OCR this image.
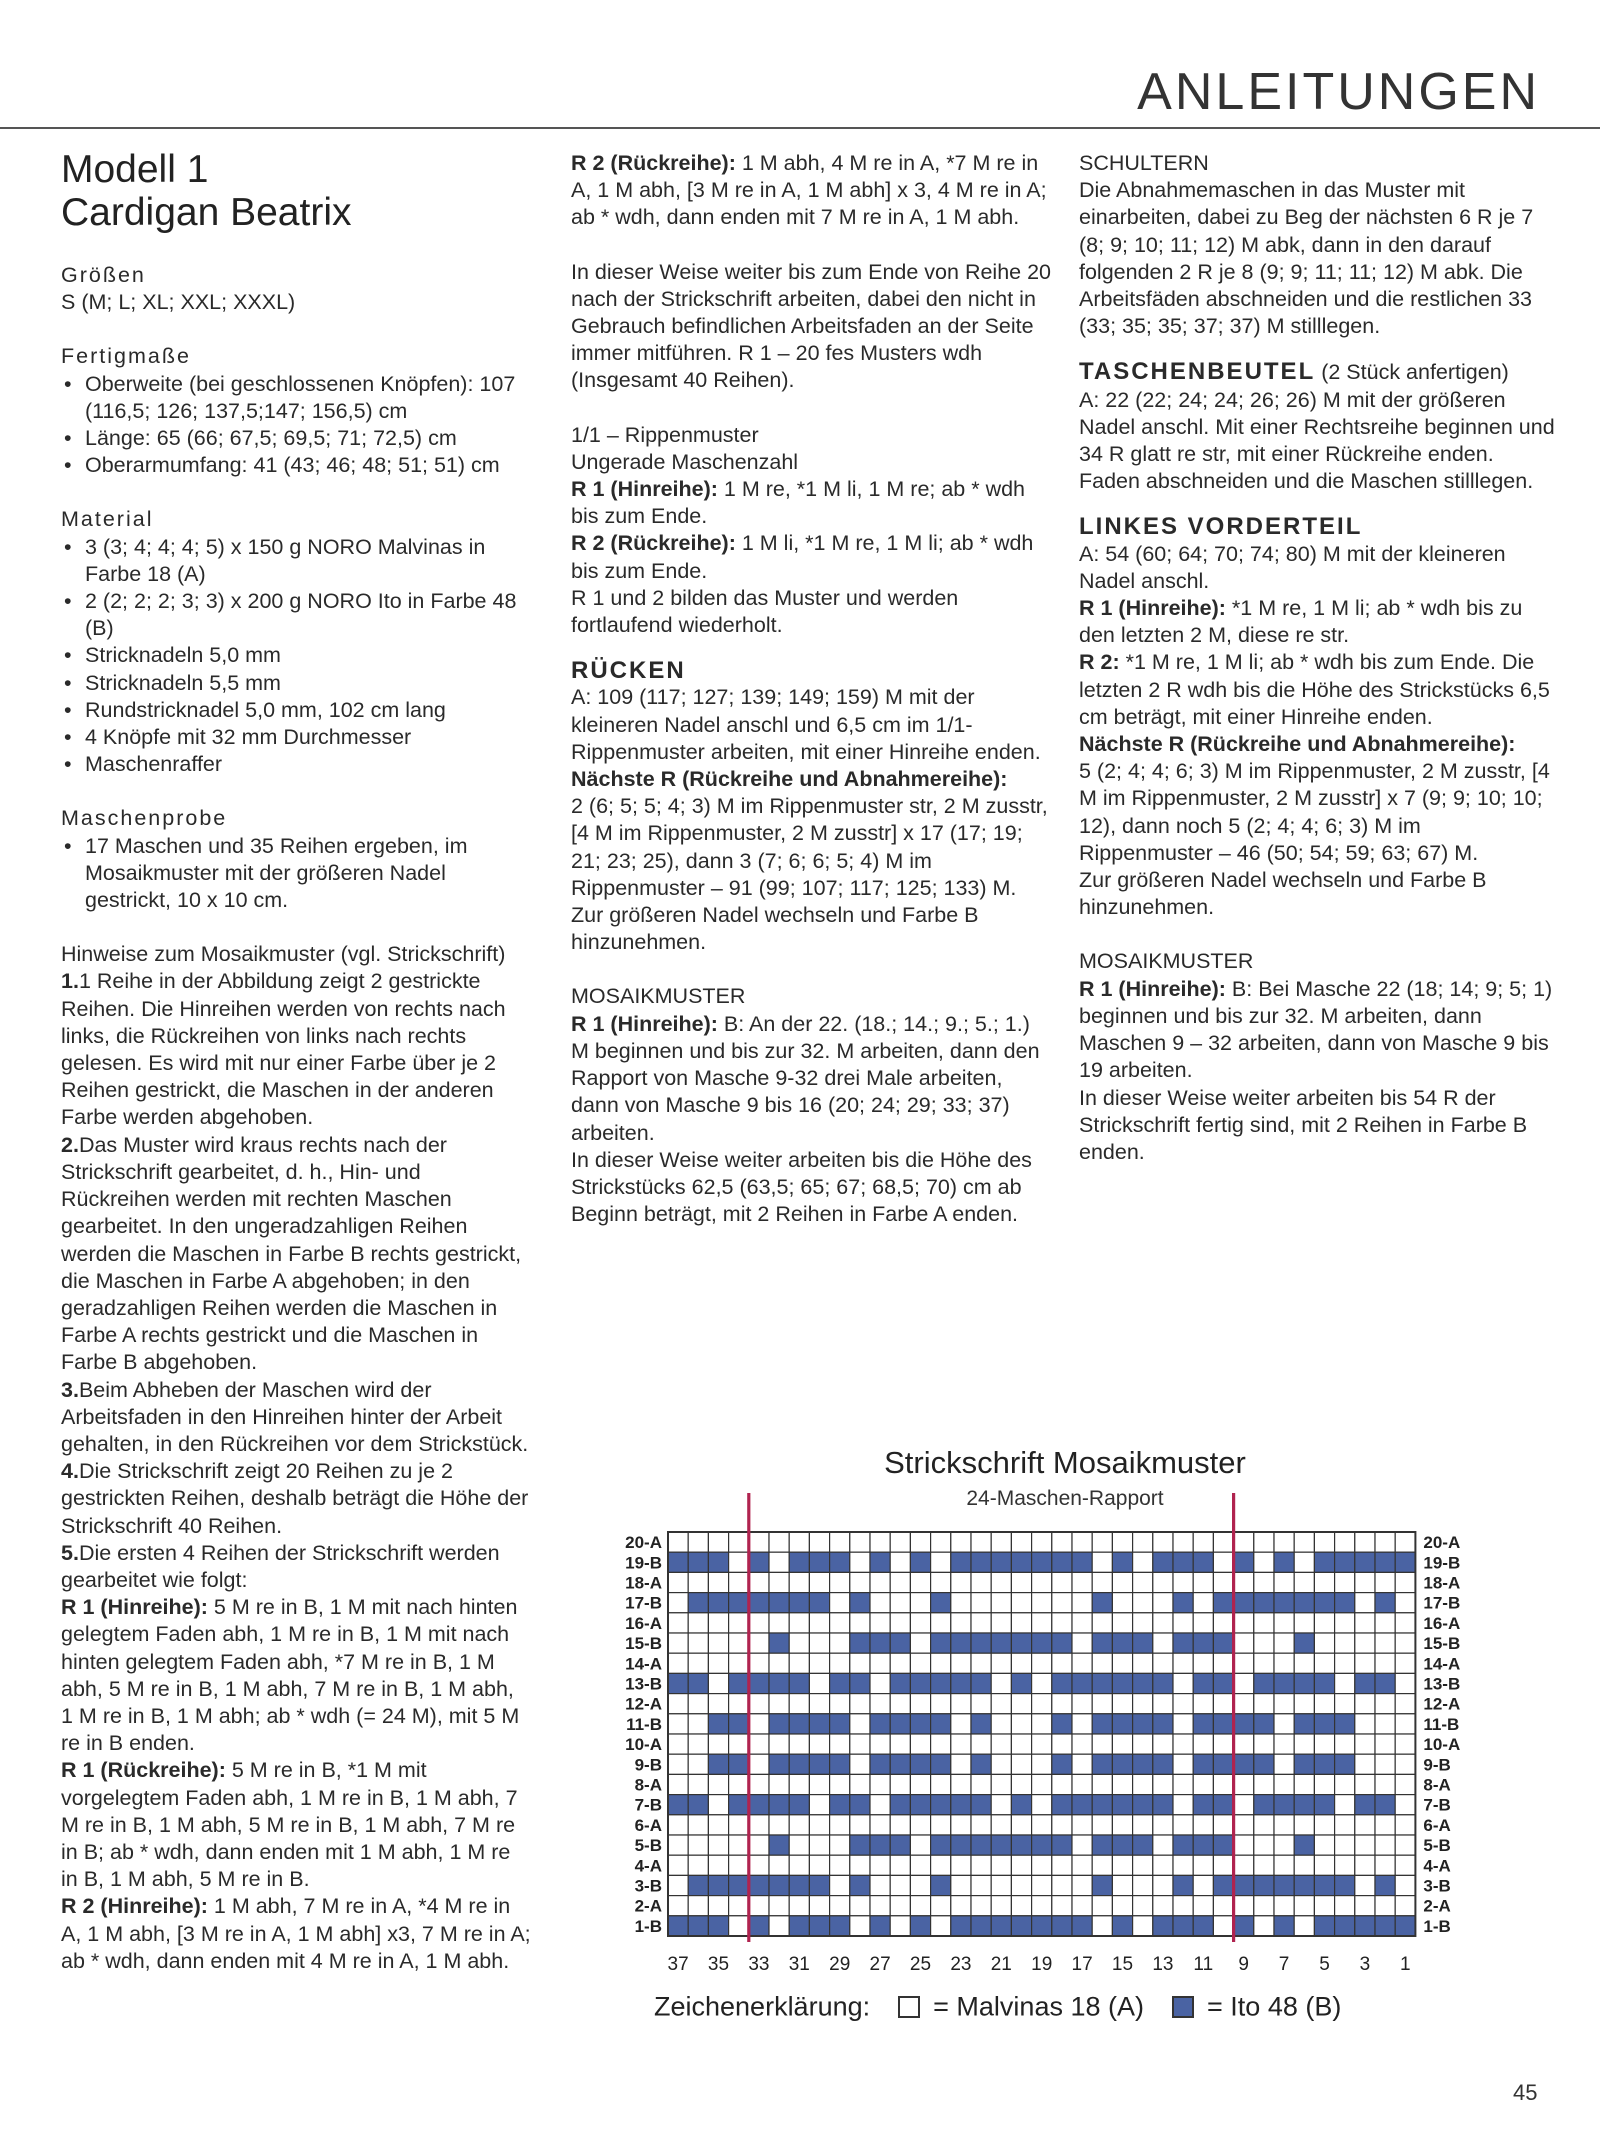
ANLEITUNGEN
Modell 1
Cardigan Beatrix
Größen
S (M; L; XL; XXL; XXXL)
Fertigmaße
• Oberweite (bei geschlossenen Knöpfen): 107 (116,5; 126; 137,5;147; 156,5) cm
• Länge: 65 (66; 67,5; 69,5; 71; 72,5) cm
• Oberarmumfang: 41 (43; 46; 48; 51; 51) cm
Material
• 3 (3; 4; 4; 4; 5) x 150 g NORO Malvinas in Farbe 18 (A)
• 2 (2; 2; 2; 3; 3) x 200 g NORO Ito in Farbe 48 (B)
• Stricknadeln 5,0 mm
• Stricknadeln 5,5 mm
• Rundstricknadel 5,0 mm, 102 cm lang
• 4 Knöpfe mit 32 mm Durchmesser
• Maschenraffer
Maschenprobe
• 17 Maschen und 35 Reihen ergeben, im Mosaikmuster mit der größeren Nadel gestrickt, 10 x 10 cm.
Hinweise zum Mosaikmuster (vgl. Strickschrift)

1.1 Reihe in der Abbildung zeigt 2 gestrickte Reihen. Die Hinreihen werden von rechts nach links, die Rückreihen von links nach rechts gelesen. Es wird mit nur einer Farbe über je 2 Reihen gestrickt, die Maschen in der anderen Farbe werden abgehoben.

2.Das Muster wird kraus rechts nach der Strickschrift gearbeitet, d. h., Hin- und Rückreihen werden mit rechten Maschen gearbeitet. In den ungeradzahligen Reihen werden die Maschen in Farbe B rechts gestrickt, die Maschen in Farbe A abgehoben; in den geradzahligen Reihen werden die Maschen in Farbe A rechts gestrickt und die Maschen in Farbe B abgehoben.

3.Beim Abheben der Maschen wird der Arbeitsfaden in den Hinreihen hinter der Arbeit gehalten, in den Rückreihen vor dem Strickstück.

4.Die Strickschrift zeigt 20 Reihen zu je 2 gestrickten Reihen, deshalb beträgt die Höhe der Strickschrift 40 Reihen.

5.Die ersten 4 Reihen der Strickschrift werden gearbeitet wie folgt:

R 1 (Hinreihe): 5 M re in B, 1 M mit nach hinten gelegtem Faden abh, 1 M re in B, 1 M mit nach hinten gelegtem Faden abh, *7 M re in B, 1 M abh, 5 M re in B, 1 M abh, 7 M re in B, 1 M abh, 1 M re in B, 1 M abh; ab * wdh (= 24 M), mit 5 M re in B enden.

R 1 (Rückreihe): 5 M re in B, *1 M mit vorgelegtem Faden abh, 1 M re in B, 1 M abh, 7 M re in B, 1 M abh, 5 M re in B, 1 M abh, 7 M re in B; ab * wdh, dann enden mit 1 M abh, 1 M re in B, 1 M abh, 5 M re in B.

R 2 (Hinreihe): 1 M abh, 7 M re in A, *4 M re in A, 1 M abh, [3 M re in A, 1 M abh] x3, 7 M re in A; ab * wdh, dann enden mit 4 M re in A, 1 M abh.

R 2 (Rückreihe): 1 M abh, 4 M re in A, *7 M re in A, 1 M abh, [3 M re in A, 1 M abh] x 3, 4 M re in A; ab * wdh, dann enden mit 7 M re in A, 1 M abh.

In dieser Weise weiter bis zum Ende von Reihe 20 nach der Strickschrift arbeiten, dabei den nicht in Gebrauch befindlichen Arbeitsfaden an der Seite immer mitführen. R 1 – 20 fes Musters wdh (Insgesamt 40 Reihen).

1/1 – Rippenmuster

Ungerade Maschenzahl

R 1 (Hinreihe): 1 M re, *1 M li, 1 M re; ab * wdh bis zum Ende.

R 2 (Rückreihe): 1 M li, *1 M re, 1 M li; ab * wdh bis zum Ende.

R 1 und 2 bilden das Muster und werden fortlaufend wiederholt.

RÜCKEN

A: 109 (117; 127; 139; 149; 159) M mit der kleineren Nadel anschl und 6,5 cm im 1/1-Rippenmuster arbeiten, mit einer Hinreihe enden.

Nächste R (Rückreihe und Abnahmereihe):

2 (6; 5; 5; 4; 3) M im Rippenmuster str, 2 M zusstr, [4 M im Rippenmuster, 2 M zusstr] x 17 (17; 19; 21; 23; 25), dann 3 (7; 6; 6; 5; 4) M im Rippenmuster – 91 (99; 107; 117; 125; 133) M.

Zur größeren Nadel wechseln und Farbe B hinzunehmen.

MOSAIKMUSTER

R 1 (Hinreihe): B: An der 22. (18.; 14.; 9.; 5.; 1.) M beginnen und bis zur 32. M arbeiten, dann den Rapport von Masche 9-32 drei Male arbeiten, dann von Masche 9 bis 16 (20; 24; 29; 33; 37) arbeiten.

In dieser Weise weiter arbeiten bis die Höhe des Strickstücks 62,5 (63,5; 65; 67; 68,5; 70) cm ab Beginn beträgt, mit 2 Reihen in Farbe A enden.

SCHULTERN

Die Abnahmemaschen in das Muster mit einarbeiten, dabei zu Beg der nächsten 6 R je 7 (8; 9; 10; 11; 12) M abk, dann in den darauf folgenden 2 R je 8 (9; 9; 11; 11; 12) M abk. Die Arbeitsfäden abschneiden und die restlichen 33 (33; 35; 35; 37; 37) M stilllegen.

TASCHENBEUTEL (2 Stück anfertigen)

A: 22 (22; 24; 24; 26; 26) M mit der größeren Nadel anschl. Mit einer Rechtsreihe beginnen und 34 R glatt re str, mit einer Rückreihe enden. Faden abschneiden und die Maschen stilllegen.

LINKES VORDERTEIL

A: 54 (60; 64; 70; 74; 80) M mit der kleineren Nadel anschl.

R 1 (Hinreihe): *1 M re, 1 M li; ab * wdh bis zu den letzten 2 M, diese re str.

R 2: *1 M re, 1 M li; ab * wdh bis zum Ende. Die letzten 2 R wdh bis die Höhe des Strickstücks 6,5 cm beträgt, mit einer Hinreihe enden.

Nächste R (Rückreihe und Abnahmereihe):

5 (2; 4; 4; 6; 3) M im Rippenmuster, 2 M zusstr, [4 M im Rippenmuster, 2 M zusstr] x 7 (9; 9; 10; 10; 12), dann noch 5 (2; 4; 4; 6; 3) M im Rippenmuster – 46 (50; 54; 59; 63; 67) M.

Zur größeren Nadel wechseln und Farbe B hinzunehmen.

MOSAIKMUSTER

R 1 (Hinreihe): B: Bei Masche 22 (18; 14; 9; 5; 1) beginnen und bis zur 32. M arbeiten, dann Maschen 9 – 32 arbeiten, dann von Masche 9 bis 19 arbeiten.

In dieser Weise weiter arbeiten bis 54 R der Strickschrift fertig sind, mit 2 Reihen in Farbe B enden.

Strickschrift Mosaikmuster
24-Maschen-Rapport
20-A	20-A
19-B	19-B
18-A	18-A
17-B	17-B
16-A	16-A
15-B	15-B
14-A	14-A
13-B	13-B
12-A	12-A
11-B	11-B
10-A	10-A
9-B	9-B
8-A	8-A
7-B	7-B
6-A	6-A
5-B	5-B
4-A	4-A
3-B	3-B
2-A	2-A
1-B	1-B
37 35 33 31 29 27 25 23 21 19 17 15 13 11 9 7 5 3 1
Zeichenerklärung: = Malvinas 18 (A) = Ito 48 (B)
45
